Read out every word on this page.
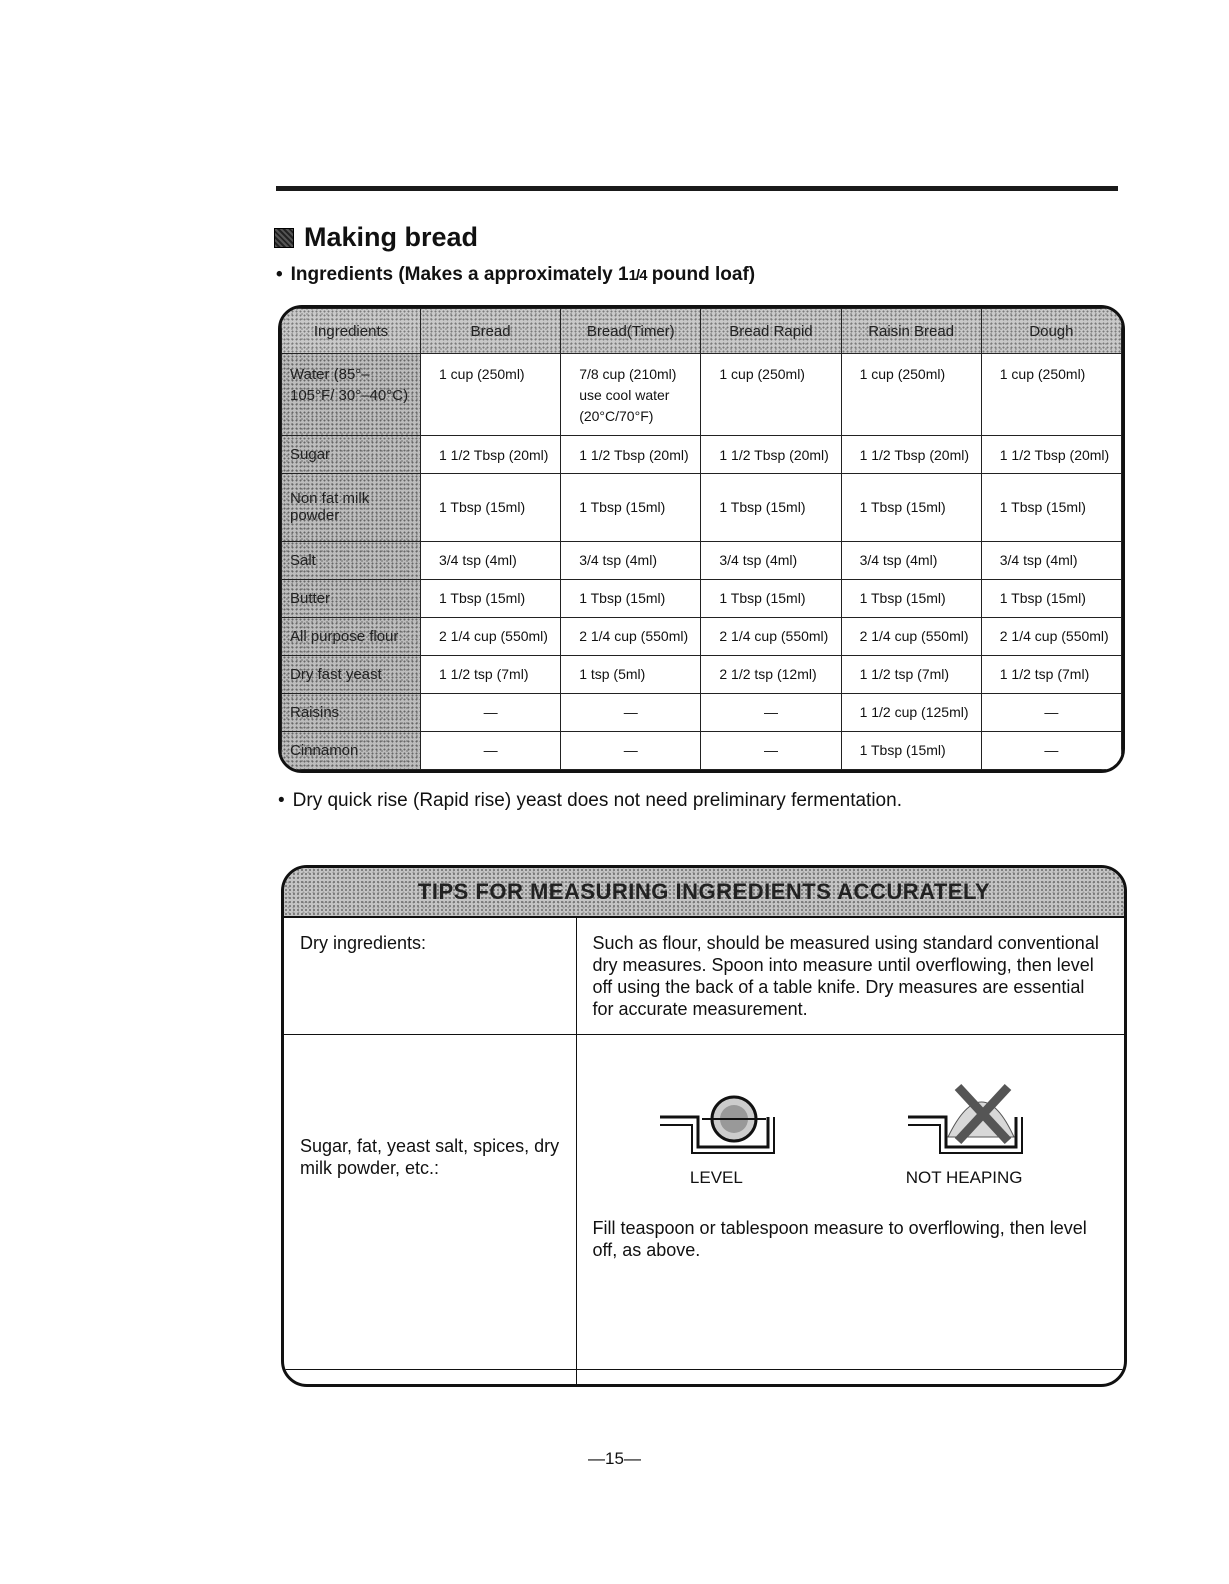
Making bread
• Ingredients (Makes a approximately 11/4 pound loaf)
Ingredients	Bread	Bread(Timer)	Bread Rapid	Raisin Bread	Dough
Water (85°–105°F/ 30°–40°C)	1 cup (250ml)	7/8 cup (210ml) use cool water (20°C/70°F)	1 cup (250ml)	1 cup (250ml)	1 cup (250ml)
Sugar	1 1/2 Tbsp (20ml)	1 1/2 Tbsp (20ml)	1 1/2 Tbsp (20ml)	1 1/2 Tbsp (20ml)	1 1/2 Tbsp (20ml)
Non fat milk powder	1 Tbsp (15ml)	1 Tbsp (15ml)	1 Tbsp (15ml)	1 Tbsp (15ml)	1 Tbsp (15ml)
Salt	3/4 tsp (4ml)	3/4 tsp (4ml)	3/4 tsp (4ml)	3/4 tsp (4ml)	3/4 tsp (4ml)
Butter	1 Tbsp (15ml)	1 Tbsp (15ml)	1 Tbsp (15ml)	1 Tbsp (15ml)	1 Tbsp (15ml)
All purpose flour	2 1/4 cup (550ml)	2 1/4 cup (550ml)	2 1/4 cup (550ml)	2 1/4 cup (550ml)	2 1/4 cup (550ml)
Dry fast yeast	1 1/2 tsp (7ml)	1 tsp (5ml)	2 1/2 tsp (12ml)	1 1/2 tsp (7ml)	1 1/2 tsp (7ml)
Raisins	—	—	—	1 1/2 cup (125ml)	—
Cinnamon	—	—	—	1 Tbsp (15ml)	—
• Dry quick rise (Rapid rise) yeast does not need preliminary fermentation.
TIPS FOR MEASURING INGREDIENTS ACCURATELY
Dry ingredients:	Such as flour, should be measured using standard conventional dry measures. Spoon into measure until overflowing, then level off using the back of a table knife. Dry measures are essential for accurate measurement.
Sugar, fat, yeast salt, spices, dry milk powder, etc.:	LEVEL NOT HEAPING
Fill teaspoon or tablespoon measure to overflowing, then level off, as above.

—15—
